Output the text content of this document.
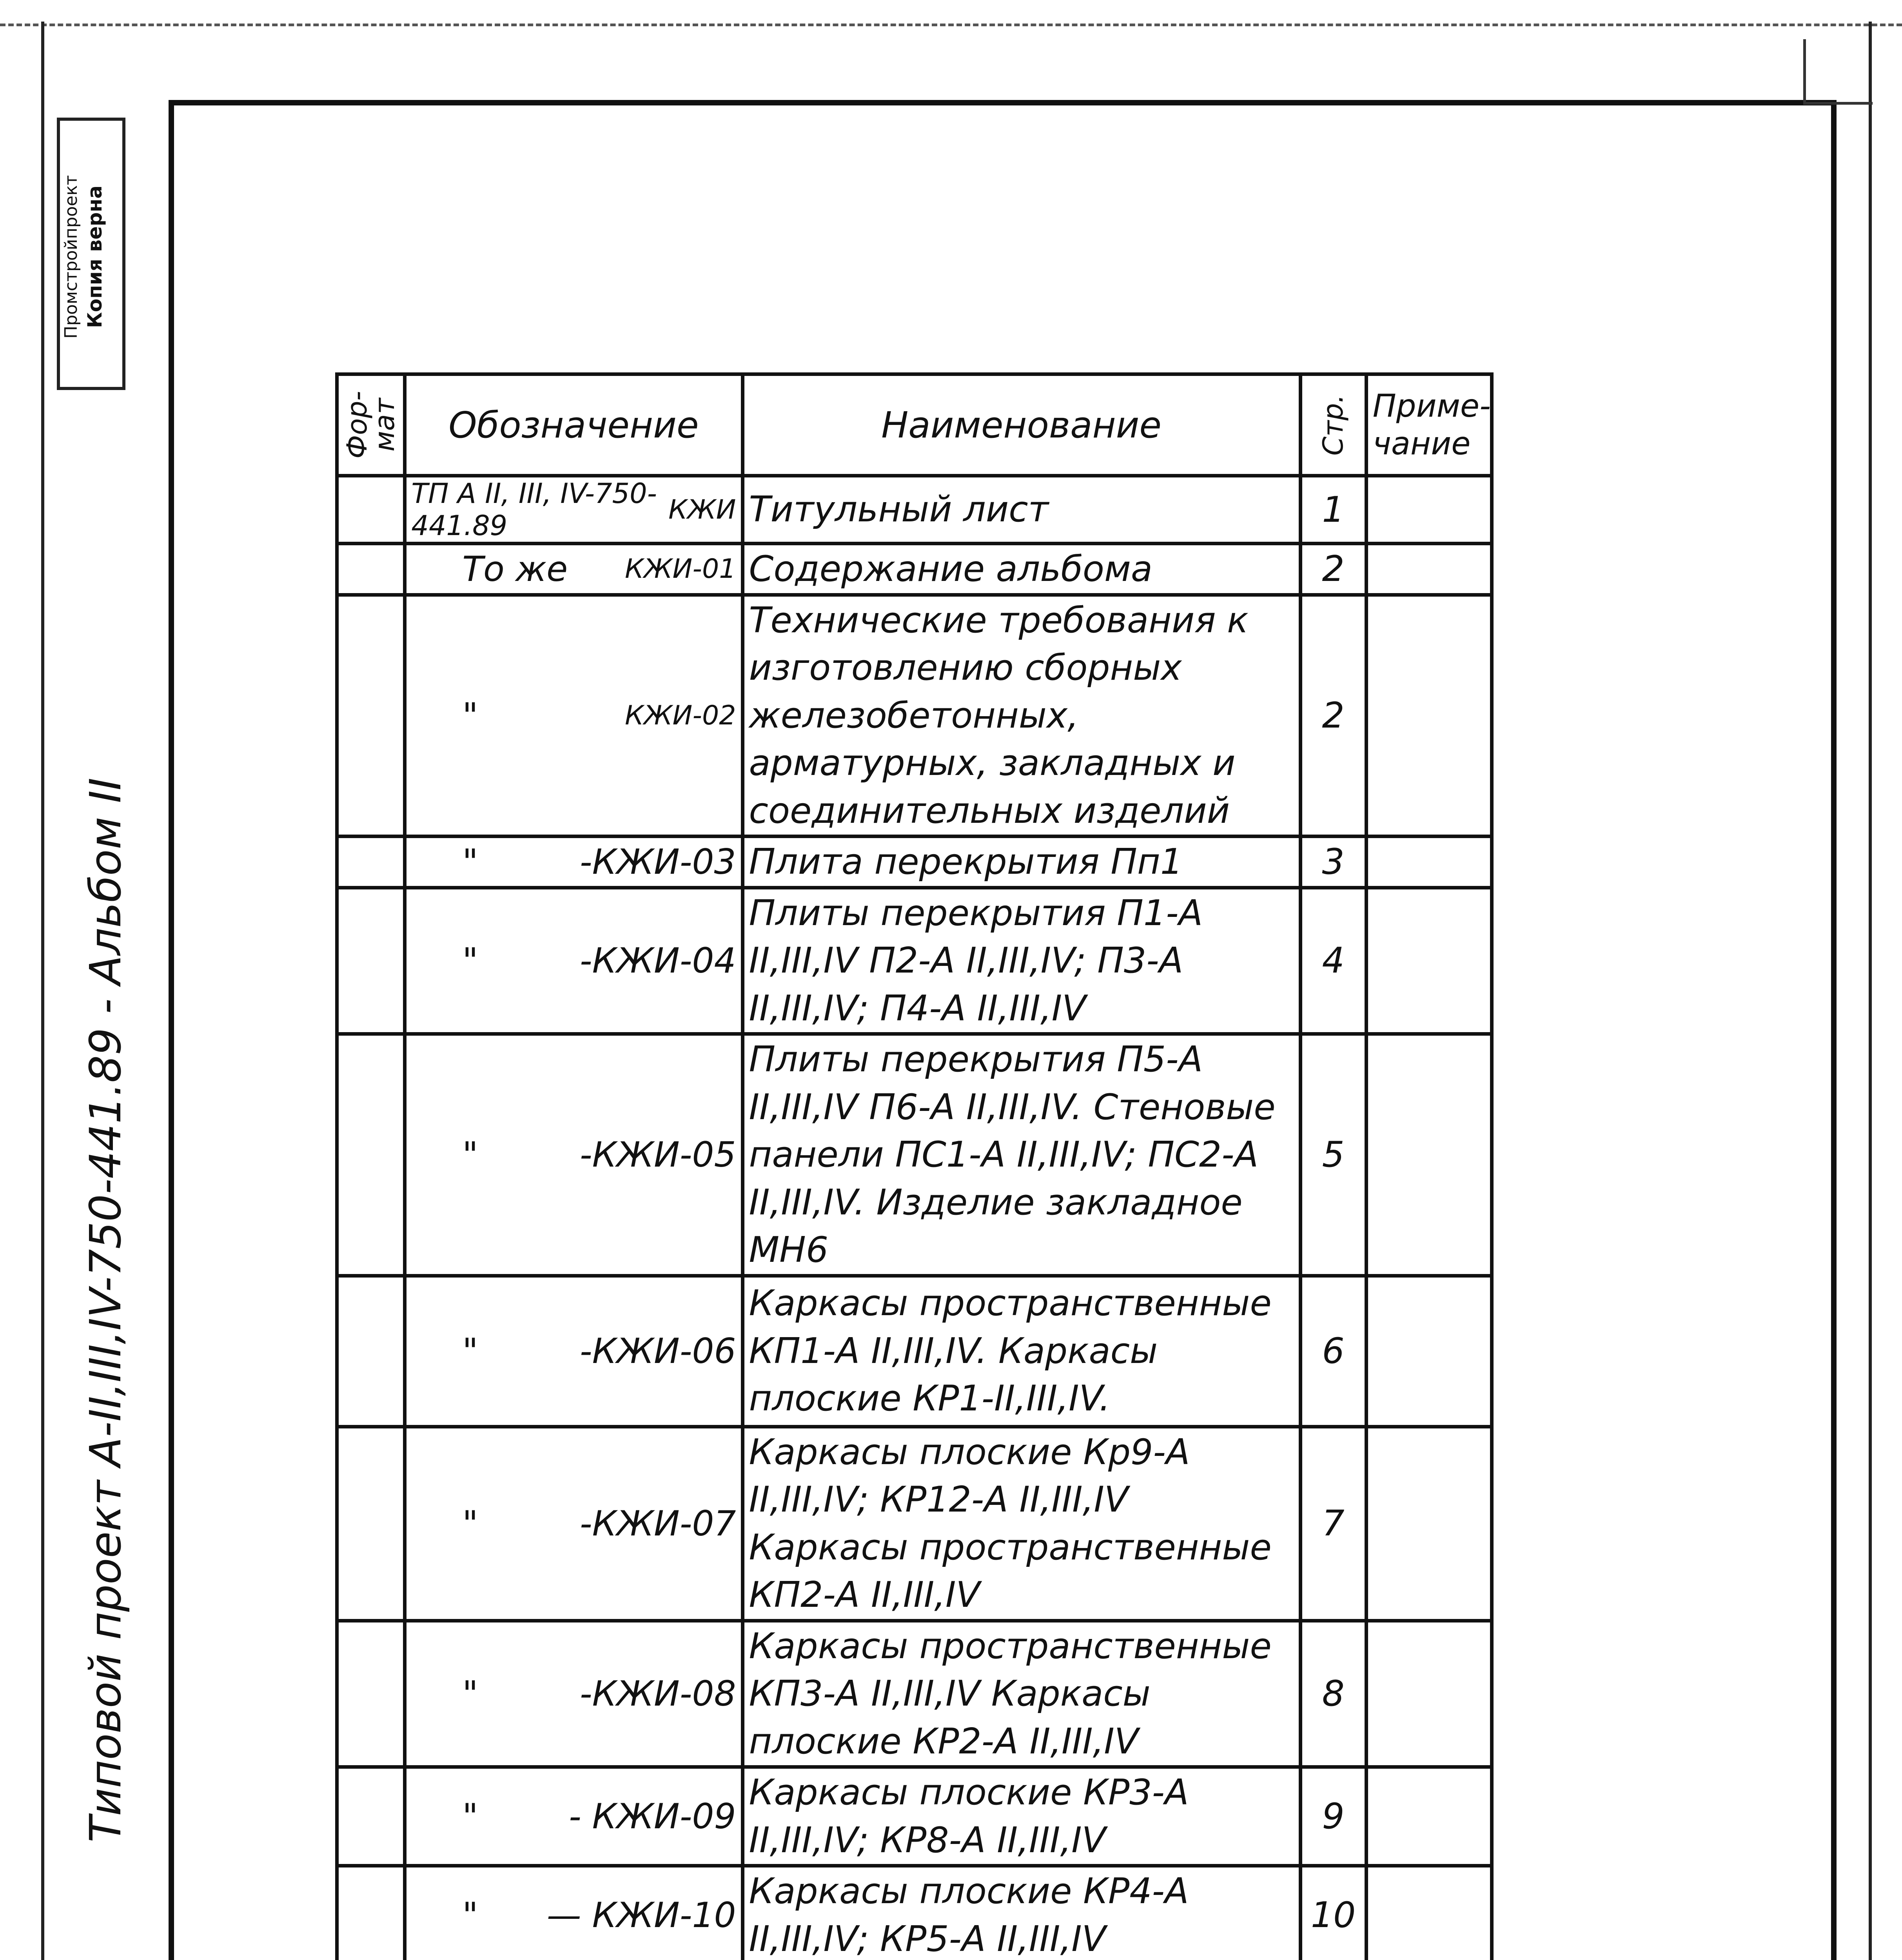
Промстройпроект Копия верна
Типовой проект А-II,III,IV-750-441.89 - Альбом II
Фор-мат	Обозначение	Наименование	Стр.	Приме-чание

	ТП А II, III, IV-750-441.89 КЖИ	Титульный лист	1	

	То же КЖИ-01	Содержание альбома	2	

	" КЖИ-02	Технические требования к изготовлению сборных железобетонных, арматурных, закладных и соединительных изделий	2	

	" -КЖИ-03	Плита перекрытия Пп1	3	

	" -КЖИ-04	Плиты перекрытия П1-А II,III,IV П2-А II,III,IV; П3-А II,III,IV; П4-А II,III,IV	4	

	" -КЖИ-05	Плиты перекрытия П5-А II,III,IV П6-А II,III,IV. Стеновые панели ПС1-А II,III,IV; ПС2-А II,III,IV. Изделие закладное МН6	5	

	" -КЖИ-06	Каркасы пространственные КП1-А II,III,IV. Каркасы плоские КР1-II,III,IV.	6	

	" -КЖИ-07	Каркасы плоские Кр9-А II,III,IV; КР12-А II,III,IV Каркасы пространственные КП2-А II,III,IV	7	

	" -КЖИ-08	Каркасы пространственные КП3-А II,III,IV Каркасы плоские КР2-А II,III,IV	8	

	" - КЖИ-09	Каркасы плоские КР3-А II,III,IV; КР8-А II,III,IV	9	

	" — КЖИ-10	Каркасы плоские КР4-А II,III,IV; КР5-А II,III,IV	10	
